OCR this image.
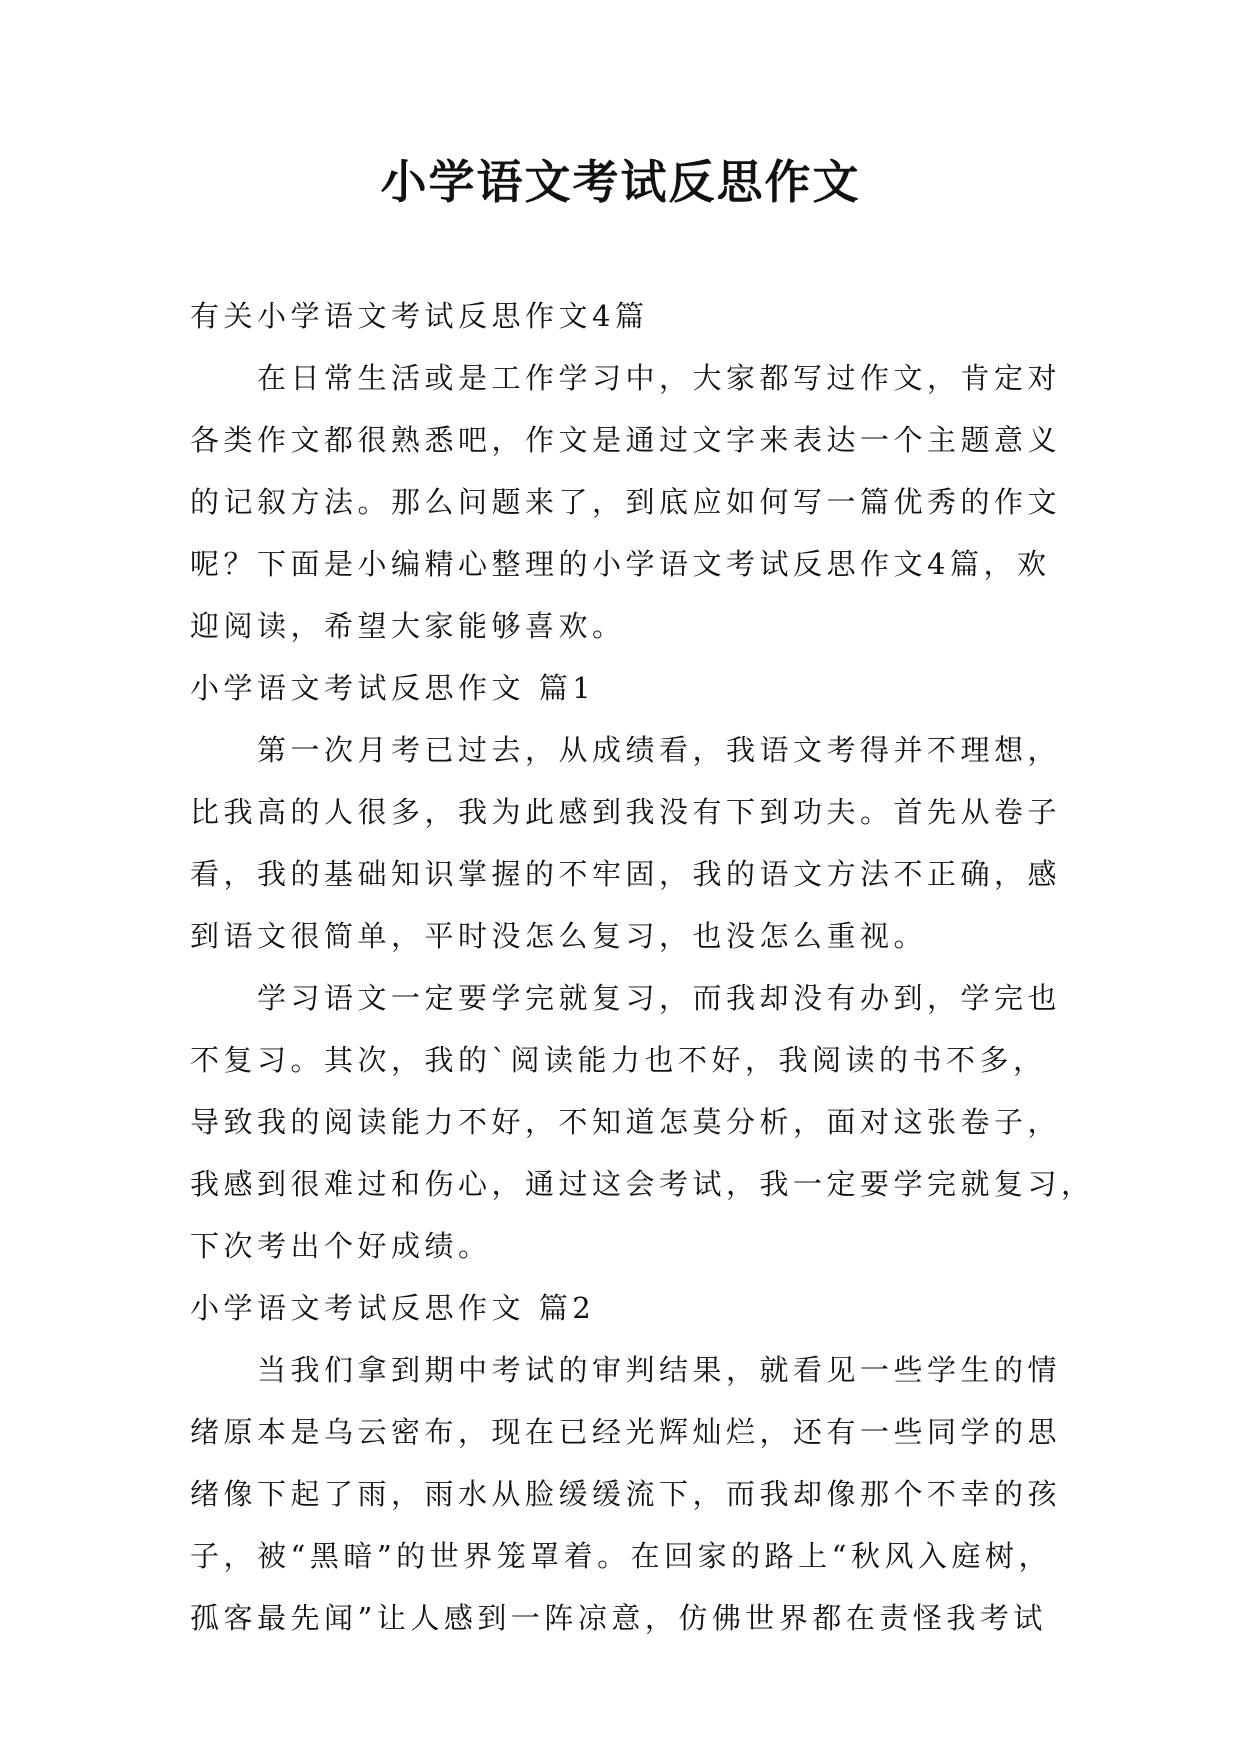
小学语文考试反思作文

有关小学语文考试反思作文4篇

在日常生活或是工作学习中，大家都写过作文，肯定对
各类作文都很熟悉吧，作文是通过文字来表达一个主题意义
的记叙方法。那么问题来了，到底应如何写一篇优秀的作文
呢？下面是小编精心整理的小学语文考试反思作文4篇，欢
迎阅读，希望大家能够喜欢。

小学语文考试反思作文 篇1

第一次月考已过去，从成绩看，我语文考得并不理想，
比我高的人很多，我为此感到我没有下到功夫。首先从卷子
看，我的基础知识掌握的不牢固，我的语文方法不正确，感
到语文很简单，平时没怎么复习，也没怎么重视。

学习语文一定要学完就复习，而我却没有办到，学完也
不复习。其次，我的`阅读能力也不好，我阅读的书不多，
导致我的阅读能力不好，不知道怎莫分析，面对这张卷子，
我感到很难过和伤心，通过这会考试，我一定要学完就复习，
下次考出个好成绩。

小学语文考试反思作文 篇2

当我们拿到期中考试的审判结果，就看见一些学生的情
绪原本是乌云密布，现在已经光辉灿烂，还有一些同学的思
绪像下起了雨，雨水从脸缓缓流下，而我却像那个不幸的孩
子，被“黑暗”的世界笼罩着。在回家的路上“秋风入庭树，
孤客最先闻”让人感到一阵凉意，仿佛世界都在责怪我考试
